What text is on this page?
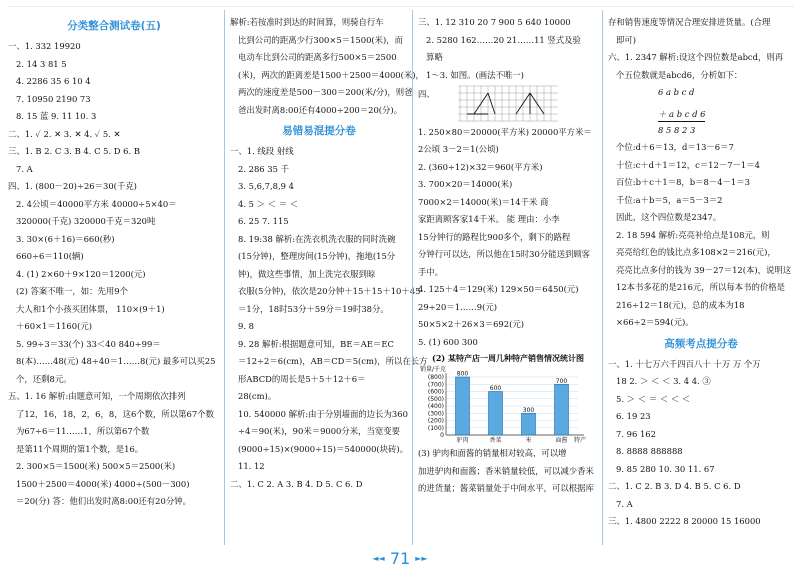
分类整合测试卷(五)
一、1. 332 19920
2. 14 3 81 5
4. 2286 35 6 10 4
7. 10950 2190 73
8. 15 蓝 9. 11 10. 3
二、1. ✓ 2. ✕ 3. ✕ 4. ✓ 5. ✕
三、1. B 2. C 3. B 4. C 5. D 6. B
7. A
四、1. (800－20)÷26＝30(千克)
2. 4公顷＝40000平方米 40000÷5×40＝
320000(千克) 320000千克＝320吨
3. 30×(6＋16)＝660(秒)
660÷6＝110(辆)
4. (1) 2×60＋9×120＝1200(元)
(2) 答案不唯一，如：先用9个
大人和1个小孩买团体票， 110×(9＋1)
＋60×1＝1160(元)
5. 99÷3＝33(个) 33＜40 840÷99＝
8(本)……48(元) 48÷40＝1……8(元) 最多可以买25
个，还剩8元。
五、1. 16 解析:由题意可知，一个周期依次排列
了12，16，18，2，6，8，这6个数，所以第67个数
为67÷6＝11……1，所以第67个数
是第11个周期的第1个数，是16。
2. 300×5＝1500(米) 500×5＝2500(米)
1500＋2500＝4000(米) 4000÷(500－300)
＝20(分) 答：他们出发时离8:00还有20分钟。
解析:若按准时到达的时间算，则骑自行车
比到公司的距离少行300×5＝1500(米)，而
电动车比到公司的距离多行500×5＝2500
(米)，两次的距离差是1500＋2500＝4000(米)，
两次的速度差是500－300＝200(米/分)，则爸
爸出发时离8:00还有4000÷200＝20(分)。
易错易混提分卷
一、1. 线段 射线
2. 286 35 千
3. 5,6,7,8,9 4
4. 5 ＞ ＜ ＝ ＜
6. 25 7. 115
8. 19:38 解析:在洗衣机洗衣服的同时洗碗
(15分钟)，整理房间(15分钟)，拖地(15分
钟)，做这些事情，加上洗完衣服到晾
衣服(5分钟)，依次是20分钟＋15＋15＋10＋45
＝1分，18时53分＋59分＝19时38分。
9. 8
9. 28 解析:根据题意可知，BE＝AE＝EC
＝12÷2＝6(cm)，AB＝CD＝5(cm)，所以在长方
形ABCD的周长是5＋5＋12＋6＝
28(cm)。
10. 540000 解析:由于分别墙面的边长为360
÷4＝90(米)，90米＝9000分米，当宽变要
(9000÷15)×(9000÷15)＝540000(块砖)。
11. 12
二、1. C 2. A 3. B 4. D 5. C 6. D
三、1. 12 310 20 7 900 5 640 10000
2. 5280 162……20 21……11 竖式及验
算略
1～3. 如图。(画法不唯一)
四、
1. 250×80＝20000(平方米) 20000平方米＝
2公顷 3－2＝1(公顷)
2. (360÷12)×32＝960(平方米)
3. 700×20＝14000(米)
7000×2＝14000(米)＝14千米 商
家距离顾客家14千米。 能 理由：小李
15分钟行的路程比900多个，剩下的路程
分钟行可以达，所以他在15时30分能送到顾客
手中。
4. 125＋4＝129(米) 129×50＝6450(元)
29÷20＝1……9(元)
50×5×2＋26×3＝692(元)
5. (1) 600 300
(2) 某特产店一周几种特产销售情况统计图
销量/千克
(800)
(700)
(600)
(500)
(400)
(300)
(200)
(100)
0
800
驴肉
600
香菜
300
米
700
面酱 特产
(3) 驴肉和面酱的销量相对较高，可以增
加进驴肉和面酱；香米销量较低，可以减少香米
的进货量；酱菜销量处于中间水平，可以根据库
存和销售速度等情况合理安排进货量。(合理
即可)
六、1. 2347 解析:设这个四位数是abcd，则再
个五位数就是abcd6，分析如下：
6 a b c d
＋ a b c d 6
8 5 8 2 3
个位:d＋6＝13，d＝13－6＝7
十位:c＋d＋1＝12，c＝12－7－1＝4
百位:b＋c＋1＝8，b＝8－4－1＝3
千位:a＋b＝5，a＝5－3＝2
因此，这个四位数是2347。
2. 18 594 解析:亮亮补给点是108元，则
亮亮给红色的钱比点多108×2＝216(元)，
亮亮比点多付的钱为 39－27＝12(本)，说明这
12本书多花的是216元，所以每本书的价格是
216÷12＝18(元)，总的成本为18
×66÷2＝594(元)。
高频考点提分卷
一、1. 十七万六千四百八十 十万 万 个万
18 2. ＞ ＜ ＜ 3. 4 4. ③
5. ＞ ＜ ＝ ＜ ＜ ＜
6. 19 23
7. 96 162
8. 8888 888888
9. 85 280 10. 30 11. 67
二、1. C 2. B 3. D 4. B 5. C 6. D
7. A
三、1. 4800 2222 8 20000 15 16000
◄◄ 71 ►►
